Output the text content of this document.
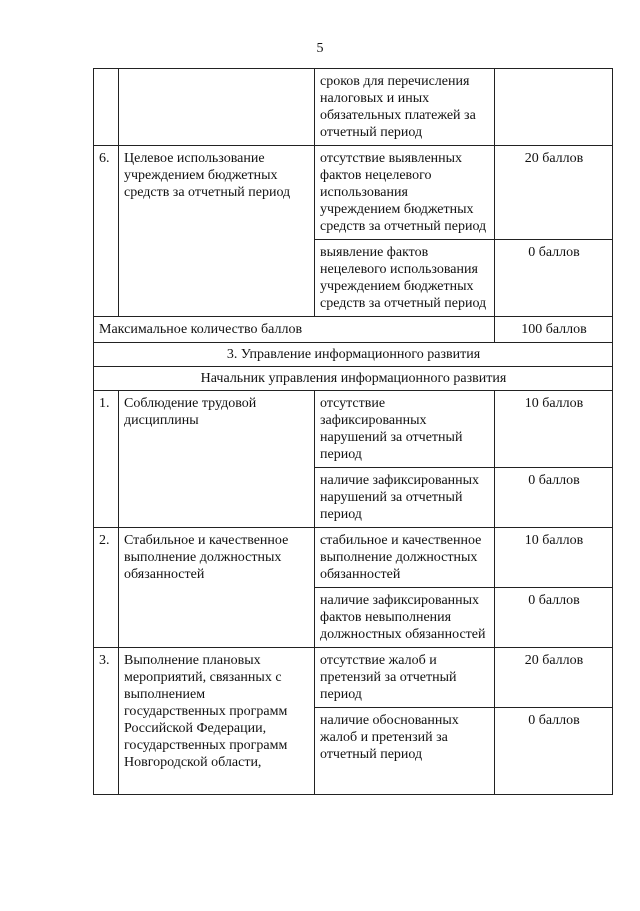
5
		сроков для перечисления налоговых и иных обязательных платежей за отчетный период	
6.	Целевое использование учреждением бюджетных средств за отчетный период	отсутствие выявленных фактов нецелевого использования учреждением бюджетных средств за отчетный период	20 баллов
		выявление фактов нецелевого использования учреждением бюджетных средств за отчетный период	0 баллов
Максимальное количество баллов			100 баллов
3. Управление информационного развития			
Начальник управления информационного развития			
1.	Соблюдение трудовой дисциплины	отсутствие зафиксированных нарушений за отчетный период	10 баллов
		наличие зафиксированных нарушений за отчетный период	0 баллов
2.	Стабильное и качественное выполнение должностных обязанностей	стабильное и качественное выполнение должностных обязанностей	10 баллов
		наличие зафиксированных фактов невыполнения должностных обязанностей	0 баллов
3.	Выполнение плановых мероприятий, связанных с выполнением государственных программ Российской Федерации, государственных программ Новгородской области,	отсутствие жалоб и претензий за отчетный период	20 баллов
		наличие обоснованных жалоб и претензий за отчетный период	0 баллов
